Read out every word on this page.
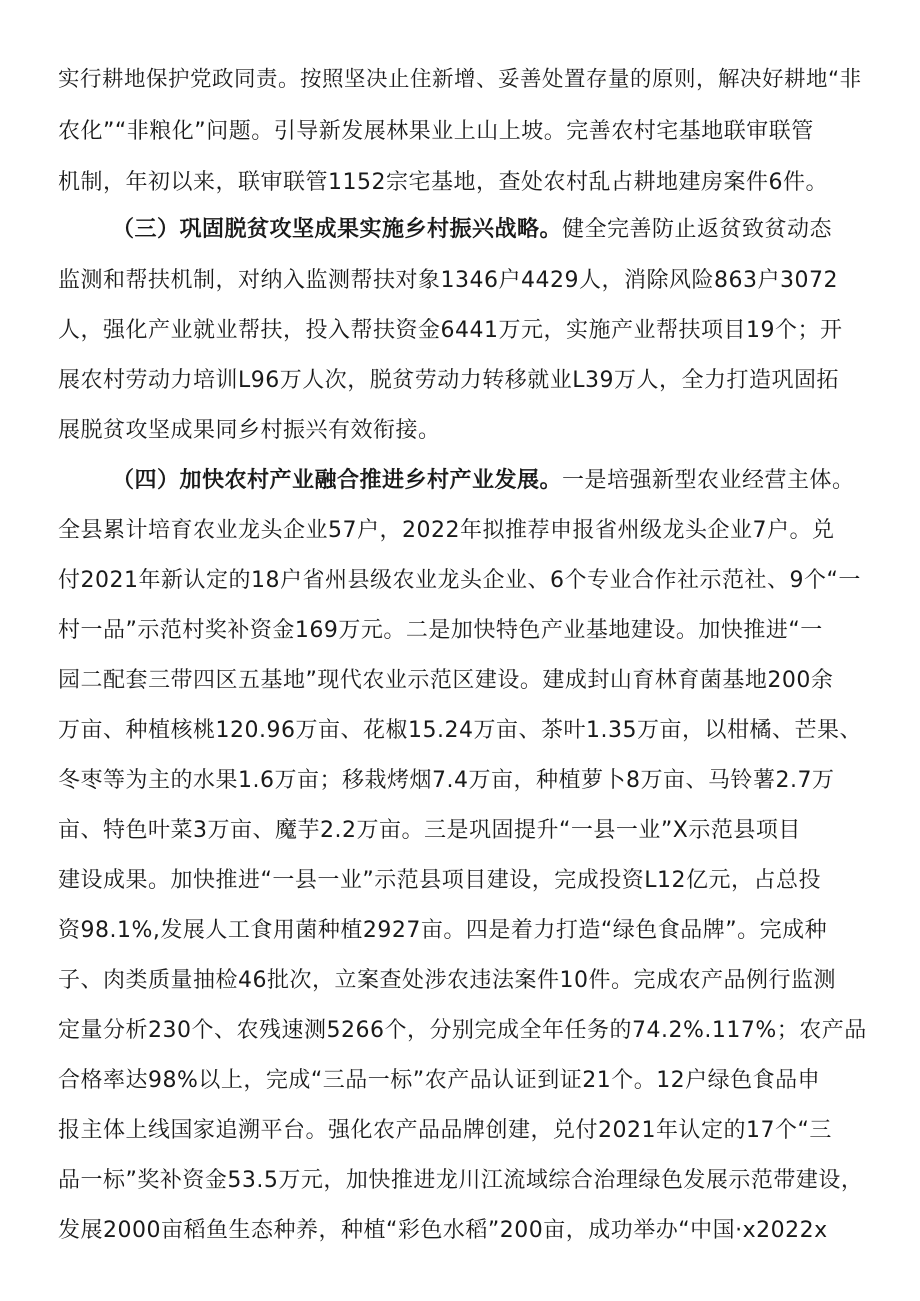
实行耕地保护党政同责。按照坚决止住新增、妥善处置存量的原则，解决好耕地“非
农化”“非粮化”问题。引导新发展林果业上山上坡。完善农村宅基地联审联管
机制，年初以来，联审联管1152宗宅基地，查处农村乱占耕地建房案件6件。
（三）巩固脱贫攻坚成果实施乡村振兴战略。健全完善防止返贫致贫动态
监测和帮扶机制，对纳入监测帮扶对象1346户4429人，消除风险863户3072
人，强化产业就业帮扶，投入帮扶资金6441万元，实施产业帮扶项目19个；开
展农村劳动力培训L96万人次，脱贫劳动力转移就业L39万人，全力打造巩固拓
展脱贫攻坚成果同乡村振兴有效衔接。
（四）加快农村产业融合推进乡村产业发展。一是培强新型农业经营主体。
全县累计培育农业龙头企业57户，2022年拟推荐申报省州级龙头企业7户。兑
付2021年新认定的18户省州县级农业龙头企业、6个专业合作社示范社、9个“一
村一品”示范村奖补资金169万元。二是加快特色产业基地建设。加快推进“一
园二配套三带四区五基地”现代农业示范区建设。建成封山育林育菌基地200余
万亩、种植核桃120.96万亩、花椒15.24万亩、茶叶1.35万亩，以柑橘、芒果、
冬枣等为主的水果1.6万亩；移栽烤烟7.4万亩，种植萝卜8万亩、马铃薯2.7万
亩、特色叶菜3万亩、魔芋2.2万亩。三是巩固提升“一县一业”X示范县项目
建设成果。加快推进“一县一业”示范县项目建设，完成投资L12亿元，占总投
资98.1%,发展人工食用菌种植2927亩。四是着力打造“绿色食品牌”。完成种
子、肉类质量抽检46批次，立案查处涉农违法案件10件。完成农产品例行监测
定量分析230个、农残速测5266个，分别完成全年任务的74.2%.117%；农产品
合格率达98%以上，完成“三品一标”农产品认证到证21个。12户绿色食品申
报主体上线国家追溯平台。强化农产品品牌创建，兑付2021年认定的17个“三
品一标”奖补资金53.5万元，加快推进龙川江流域综合治理绿色发展示范带建设，
发展2000亩稻鱼生态种养，种植“彩色水稻”200亩，成功举办“中国·x2022x
